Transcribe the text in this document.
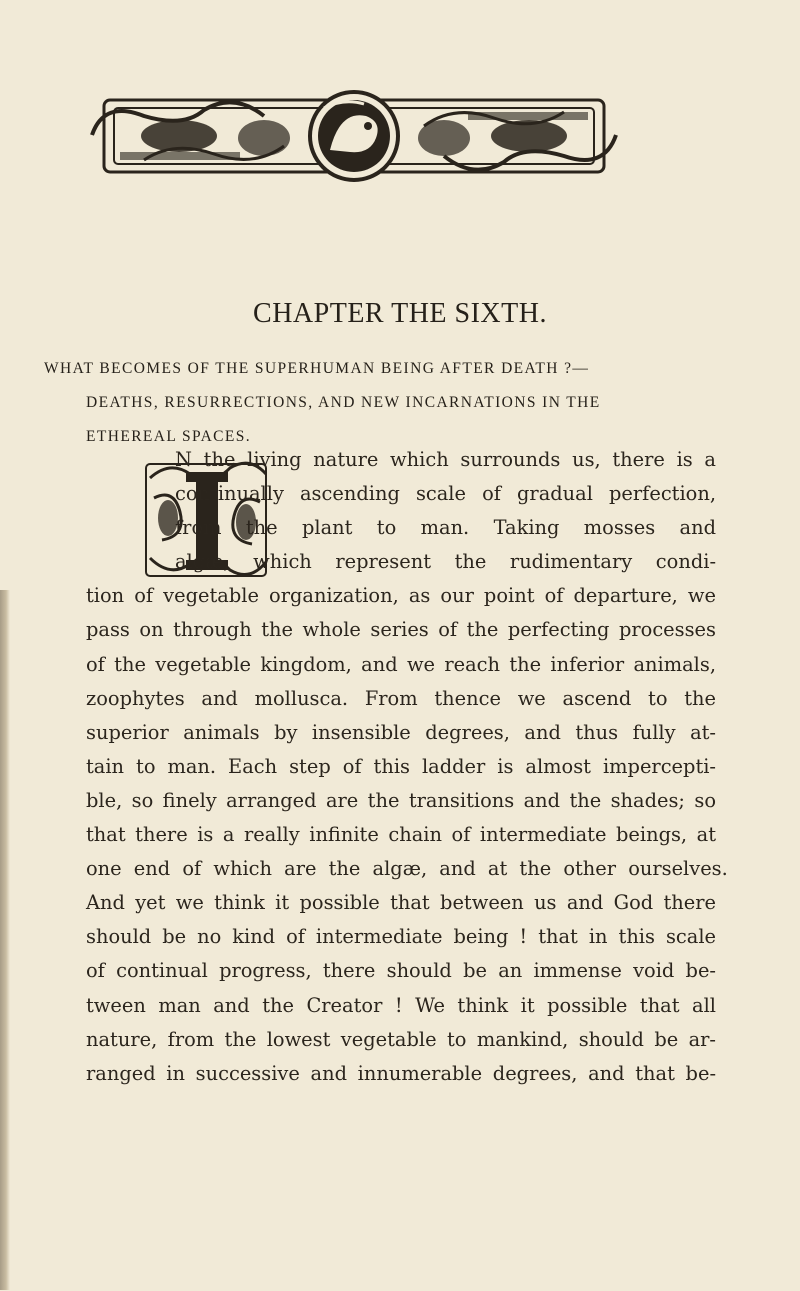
CHAPTER THE SIXTH.
WHAT BECOMES OF THE SUPERHUMAN BEING AFTER DEATH ?—
DEATHS, RESURRECTIONS, AND NEW INCARNATIONS IN THE
ETHEREAL SPACES.
N the living nature which surrounds us, there is a
continually ascending scale of gradual perfection,
from the plant to man. Taking mosses and
algæ, which represent the rudimentary condi-
tion of vegetable organization, as our point of departure, we
pass on through the whole series of the perfecting processes
of the vegetable kingdom, and we reach the inferior animals,
zoophytes and mollusca. From thence we ascend to the
superior animals by insensible degrees, and thus fully at-
tain to man. Each step of this ladder is almost impercepti-
ble, so finely arranged are the transitions and the shades; so
that there is a really infinite chain of intermediate beings, at
one end of which are the algæ, and at the other ourselves.
And yet we think it possible that between us and God there
should be no kind of intermediate being ! that in this scale
of continual progress, there should be an immense void be-
tween man and the Creator ! We think it possible that all
nature, from the lowest vegetable to mankind, should be ar-
ranged in successive and innumerable degrees, and that be-
